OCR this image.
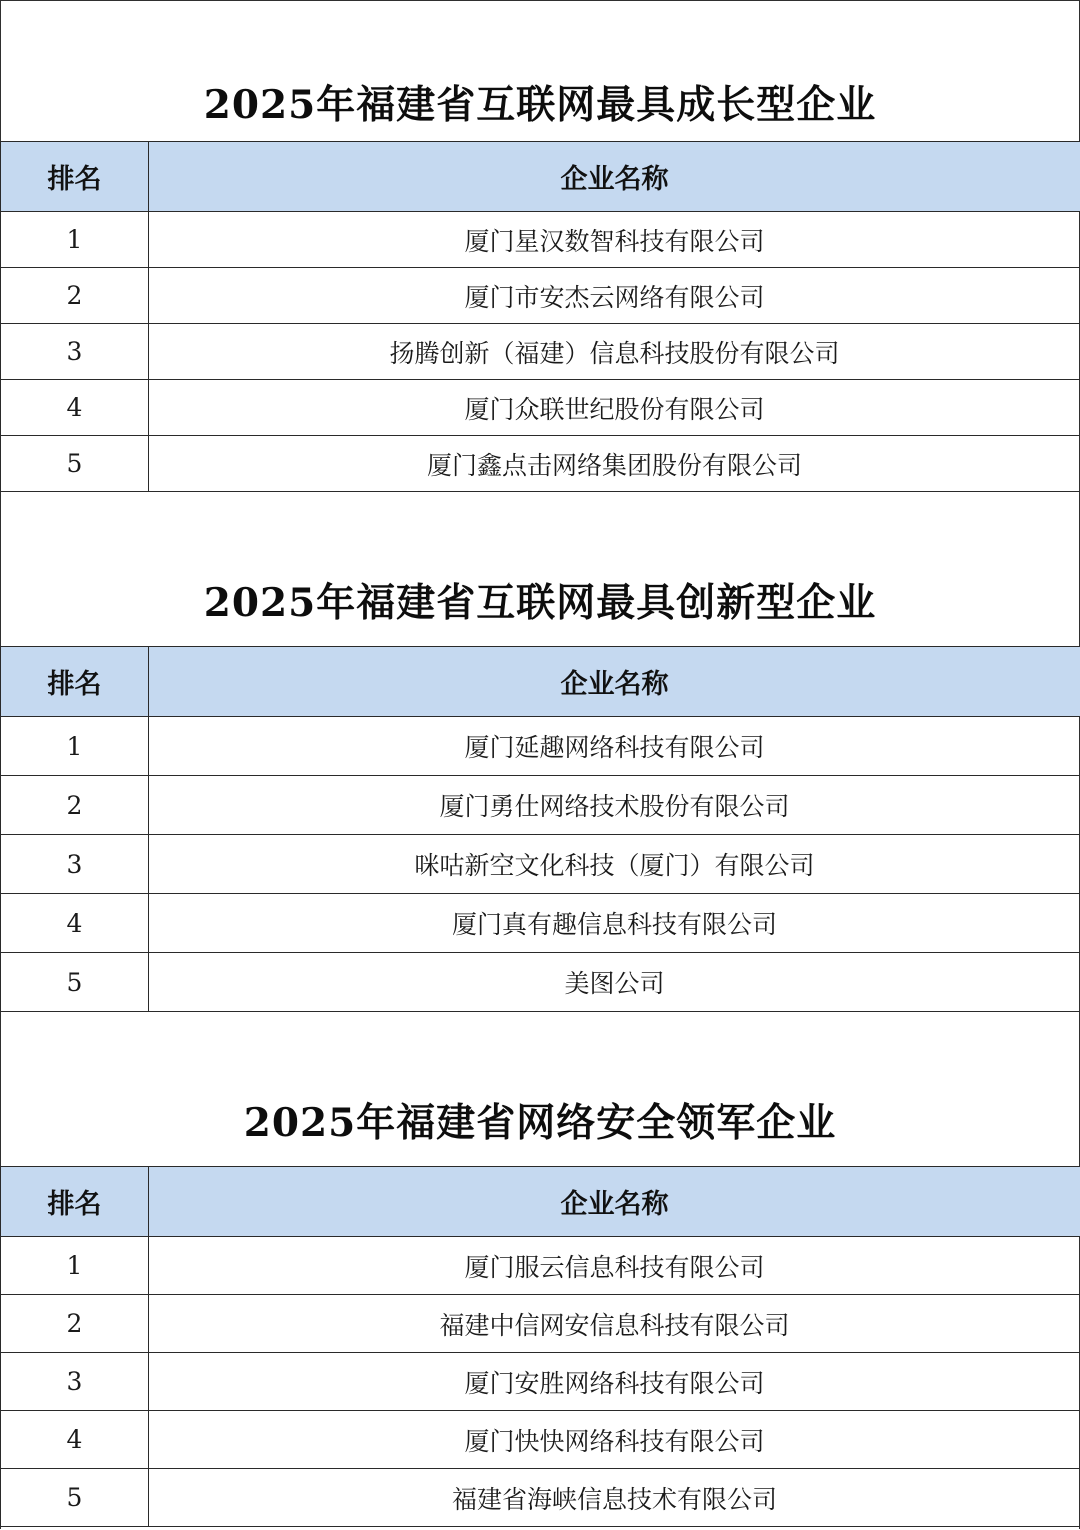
2025年福建省互联网最具成长型企业
排名	企业名称
1	厦门星汉数智科技有限公司
2	厦门市安杰云网络有限公司
3	扬腾创新（福建）信息科技股份有限公司
4	厦门众联世纪股份有限公司
5	厦门鑫点击网络集团股份有限公司
2025年福建省互联网最具创新型企业
排名	企业名称
1	厦门延趣网络科技有限公司
2	厦门勇仕网络技术股份有限公司
3	咪咕新空文化科技（厦门）有限公司
4	厦门真有趣信息科技有限公司
5	美图公司
2025年福建省网络安全领军企业
排名	企业名称
1	厦门服云信息科技有限公司
2	福建中信网安信息科技有限公司
3	厦门安胜网络科技有限公司
4	厦门快快网络科技有限公司
5	福建省海峡信息技术有限公司
